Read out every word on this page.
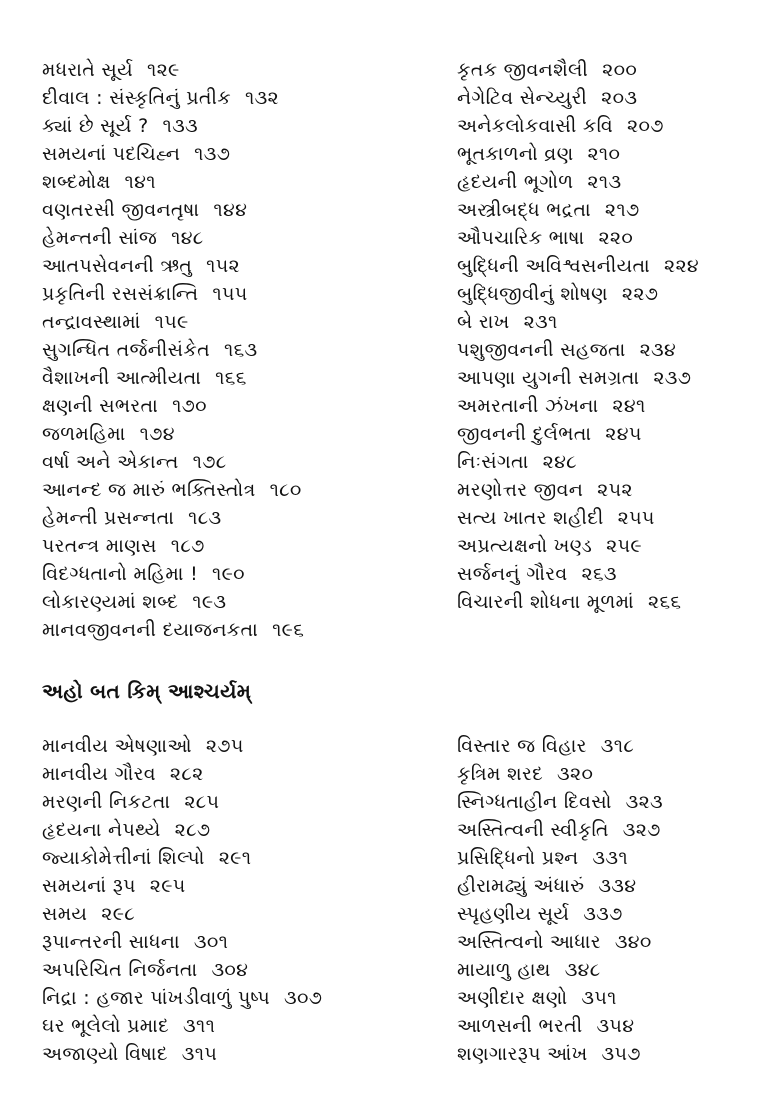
મધરાતે સૂર્ય ૧૨૯
દીવાલ : સંસ્કૃતિનું પ્રતીક ૧૩૨
ક્યાં છે સૂર્ય ? ૧૩૩
સમયનાં પદચિહ્ન ૧૩૭
શબ્દમોક્ષ ૧૪૧
વણતરસી જીવનતૃષા ૧૪૪
હેમન્તની સાંજ ૧૪૮
આતપસેવનની ઋતુ ૧૫૨
પ્રકૃતિની રસસંક્રાન્તિ ૧૫૫
તન્દ્રાવસ્થામાં ૧૫૯
સુગન્ધિત તર્જનીસંકેત ૧૬૩
વૈશાખની આત્મીયતા ૧૬૬
ક્ષણની સભરતા ૧૭૦
જળમહિમા ૧૭૪
વર્ષા અને એકાન્ત ૧૭૮
આનન્દ જ મારું ભક્તિસ્તોત્ર ૧૮૦
હેમન્તી પ્રસન્નતા ૧૮૩
પરતન્ત્ર માણસ ૧૮૭
વિદગ્ધતાનો મહિમા ! ૧૯૦
લોકારણ્યમાં શબ્દ ૧૯૩
માનવજીવનની દયાજનકતા ૧૯૬
કૃતક જીવનશૈલી ૨૦૦
નેગેટિવ સેન્ચ્યુરી ૨૦૩
અનેકલોકવાસી કવિ ૨૦૭
ભૂતકાળનો વ્રણ ૨૧૦
હૃદયની ભૂગોળ ૨૧૩
અસ્ત્રીબદ્ધ ભદ્રતા ૨૧૭
ઔપચારિક ભાષા ૨૨૦
બુદ્ધિની અવિશ્વસનીયતા ૨૨૪
બુદ્ધિજીવીનું શોષણ ૨૨૭
બે રાખ ૨૩૧
પશુજીવનની સહજતા ૨૩૪
આપણા યુગની સમગ્રતા ૨૩૭
અમરતાની ઝંખના ૨૪૧
જીવનની દુર્લભતા ૨૪૫
નિઃસંગતા ૨૪૮
મરણોત્તર જીવન ૨૫૨
સત્ય ખાતર શહીદી ૨૫૫
અપ્રત્યક્ષનો ખણ્ડ ૨૫૯
સર્જનનું ગૌરવ ૨૬૩
વિચારની શોધના મૂળમાં ૨૬૬
અહો બત કિમ્ આશ્ચર્યમ્
માનવીય એષણાઓ ૨૭૫
માનવીય ગૌરવ ૨૮૨
મરણની નિકટતા ૨૮૫
હૃદયના નેપથ્યે ૨૮૭
જ્યાકોમેત્તીનાં શિલ્પો ૨૯૧
સમયનાં રૂપ ૨૯૫
સમય ૨૯૮
રૂપાન્તરની સાધના ૩૦૧
અપરિચિત નિર્જનતા ૩૦૪
નિદ્રા : હજાર પાંખડીવાળું પુષ્પ ૩૦૭
ઘર ભૂલેલો પ્રમાદ ૩૧૧
અજાણ્યો વિષાદ ૩૧૫
વિસ્તાર જ વિહાર ૩૧૮
કૃત્રિમ શરદ ૩૨૦
સ્નિગ્ધતાહીન દિવસો ૩૨૩
અસ્તિત્વની સ્વીકૃતિ ૩૨૭
પ્રસિદ્ધિનો પ્રશ્ન ૩૩૧
હીરામઢ્યું અંધારું ૩૩૪
સ્પૃહણીય સૂર્ય ૩૩૭
અસ્તિત્વનો આધાર ૩૪૦
માયાળુ હાથ ૩૪૮
અણીદાર ક્ષણો ૩૫૧
આળસની ભરતી ૩૫૪
શણગારરૂપ આંખ ૩૫૭
